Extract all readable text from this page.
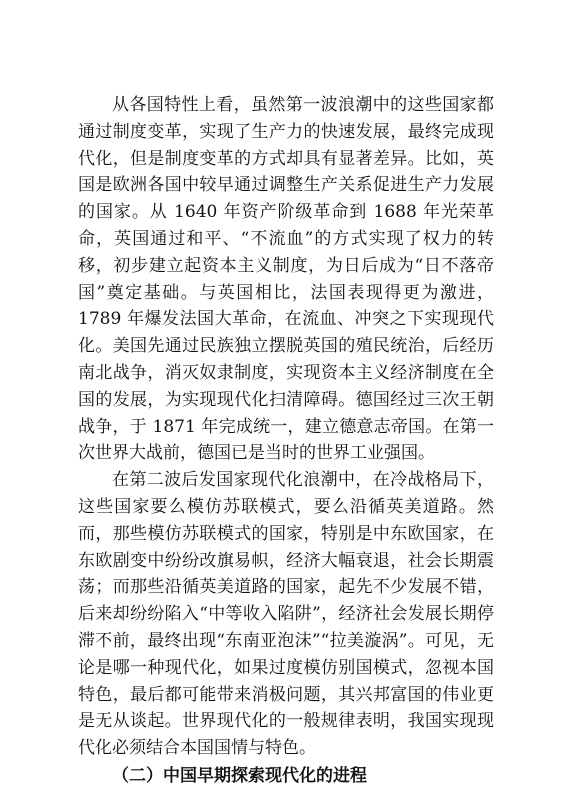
从各国特性上看，虽然第一波浪潮中的这些国家都通过制度变革，实现了生产力的快速发展，最终完成现代化，但是制度变革的方式却具有显著差异。比如，英国是欧洲各国中较早通过调整生产关系促进生产力发展的国家。从 1640 年资产阶级革命到 1688 年光荣革命，英国通过和平、“不流血”的方式实现了权力的转移，初步建立起资本主义制度，为日后成为“日不落帝国”奠定基础。与英国相比，法国表现得更为激进，1789 年爆发法国大革命，在流血、冲突之下实现现代化。美国先通过民族独立摆脱英国的殖民统治，后经历南北战争，消灭奴隶制度，实现资本主义经济制度在全国的发展，为实现现代化扫清障碍。德国经过三次王朝战争，于 1871 年完成统一，建立德意志帝国。在第一次世界大战前，德国已是当时的世界工业强国。

在第二波后发国家现代化浪潮中，在冷战格局下，这些国家要么模仿苏联模式，要么沿循英美道路。然而，那些模仿苏联模式的国家，特别是中东欧国家，在东欧剧变中纷纷改旗易帜，经济大幅衰退，社会长期震荡；而那些沿循英美道路的国家，起先不少发展不错，后来却纷纷陷入“中等收入陷阱”，经济社会发展长期停滞不前，最终出现“东南亚泡沫”“拉美漩涡”。可见，无论是哪一种现代化，如果过度模仿别国模式，忽视本国特色，最后都可能带来消极问题，其兴邦富国的伟业更是无从谈起。世界现代化的一般规律表明，我国实现现代化必须结合本国国情与特色。

（二）中国早期探索现代化的进程
